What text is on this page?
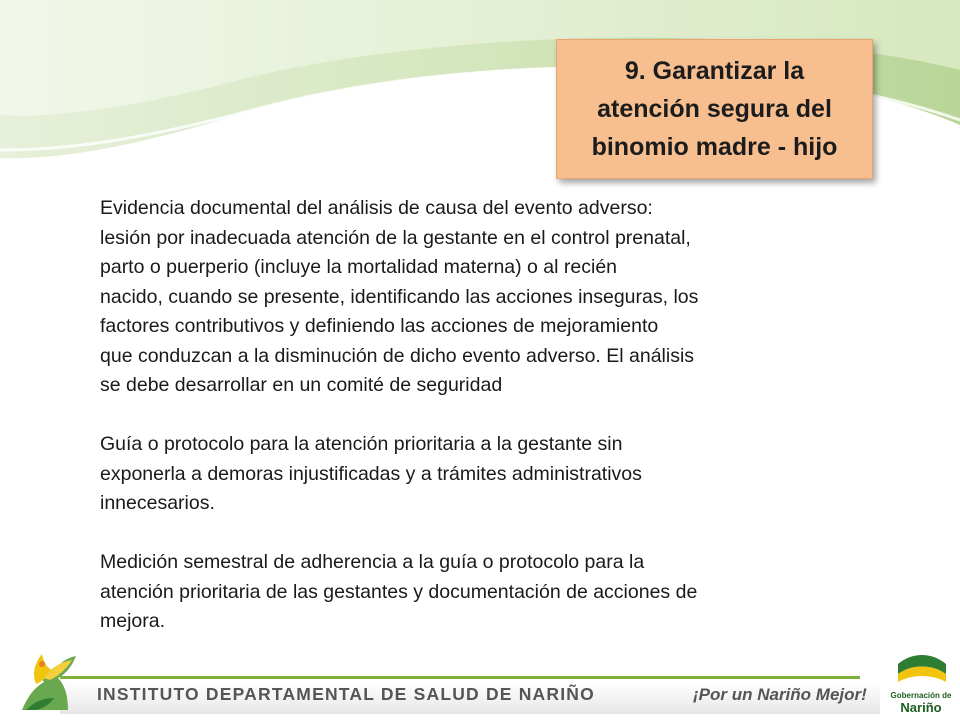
9. Garantizar la
atención segura del
binomio madre - hijo

Evidencia documental del análisis de causa del evento adverso:
lesión por inadecuada atención de la gestante en el control prenatal,
parto o puerperio (incluye la mortalidad materna) o al recién
nacido, cuando se presente, identificando las acciones inseguras, los
factores contributivos y definiendo las acciones de mejoramiento
que conduzcan a la disminución de dicho evento adverso. El análisis
se debe desarrollar en un comité de seguridad

Guía o protocolo para la atención prioritaria a la gestante sin
exponerla a demoras injustificadas y a trámites administrativos
innecesarios.

Medición semestral de adherencia a la guía o protocolo para la
atención prioritaria de las gestantes y documentación de acciones de
mejora.

INSTITUTO DEPARTAMENTAL DE SALUD DE NARIÑO	¡Por un Nariño Mejor!	Gobernación de
Nariño
